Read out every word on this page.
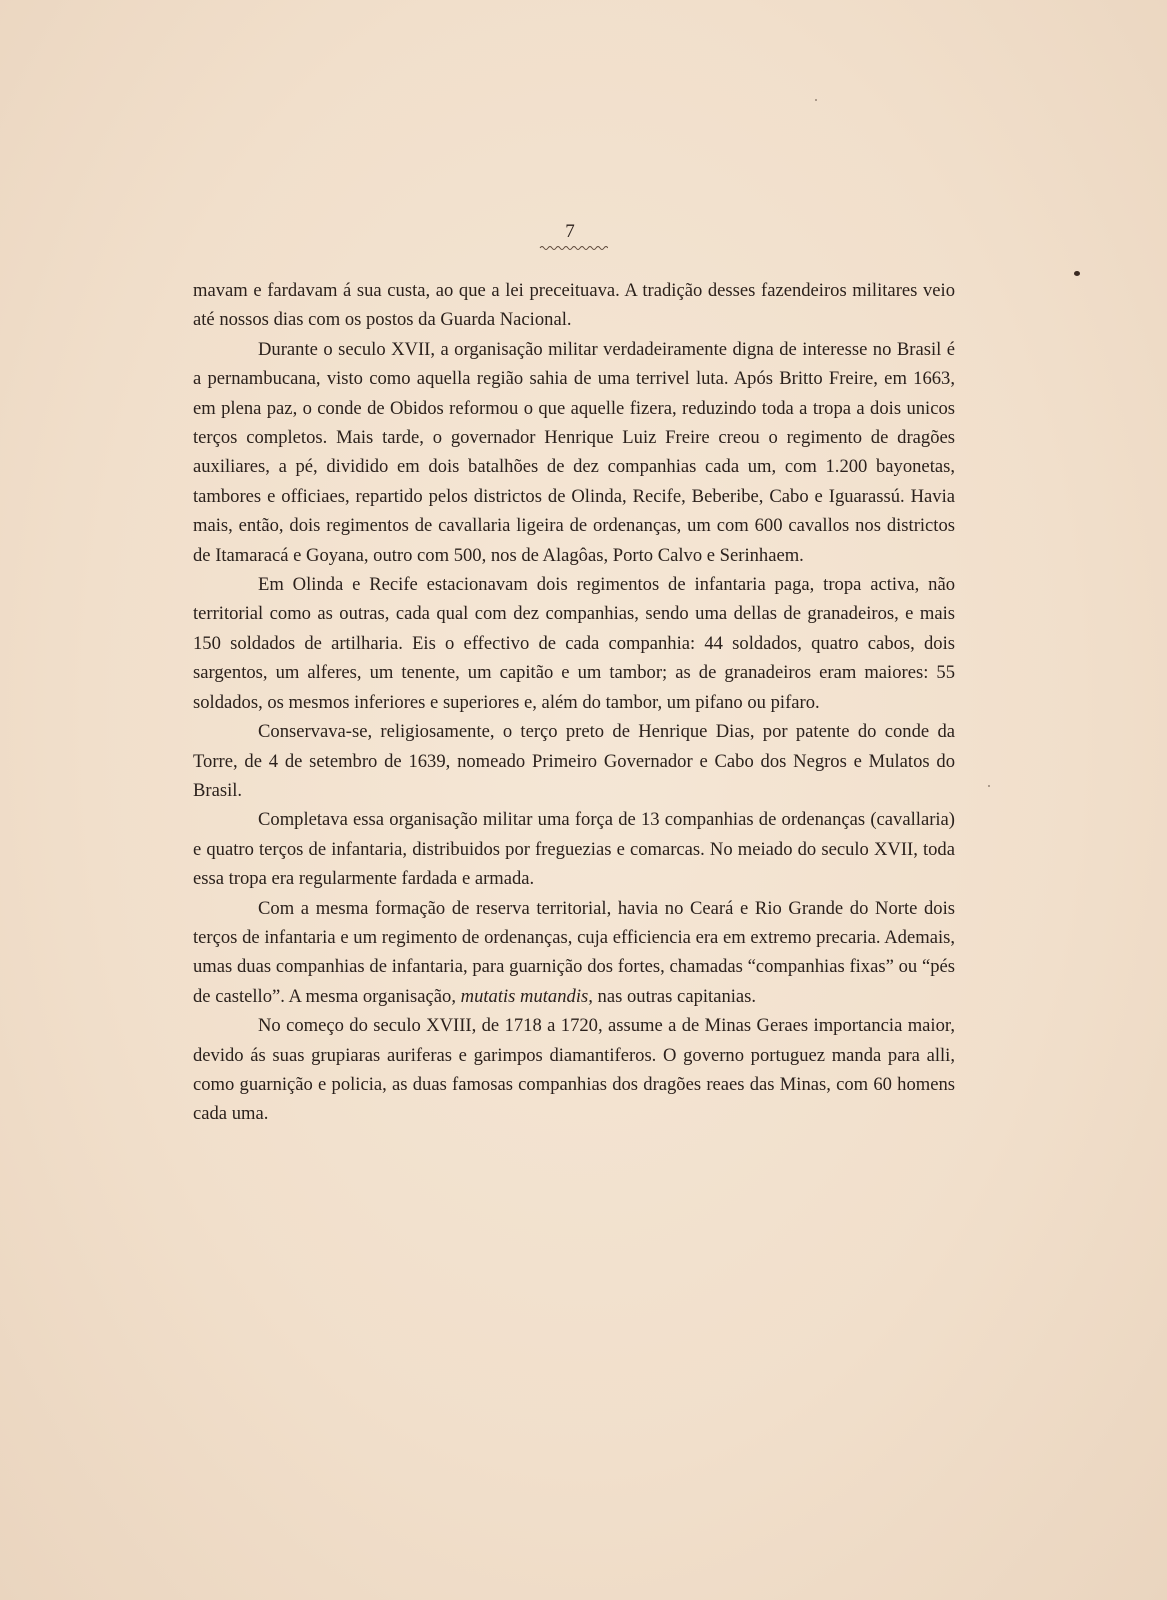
7

mavam e fardavam á sua custa, ao que a lei preceituava. A tradição desses fazendeiros militares veio até nossos dias com os postos da Guarda Nacional.

Durante o seculo XVII, a organisação militar verdadeiramente digna de interesse no Brasil é a pernambucana, visto como aquella região sahia de uma terrivel luta. Após Britto Freire, em 1663, em plena paz, o conde de Obidos reformou o que aquelle fizera, reduzindo toda a tropa a dois unicos terços completos. Mais tarde, o governador Henrique Luiz Freire creou o regimento de dragões auxiliares, a pé, dividido em dois batalhões de dez companhias cada um, com 1.200 bayonetas, tambores e officiaes, repartido pelos districtos de Olinda, Recife, Beberibe, Cabo e Iguarassú. Havia mais, então, dois regimentos de cavallaria ligeira de ordenanças, um com 600 cavallos nos districtos de Itamaracá e Goyana, outro com 500, nos de Alagôas, Porto Calvo e Serinhaem.

Em Olinda e Recife estacionavam dois regimentos de infantaria paga, tropa activa, não territorial como as outras, cada qual com dez companhias, sendo uma dellas de granadeiros, e mais 150 soldados de artilharia. Eis o effectivo de cada companhia: 44 soldados, quatro cabos, dois sargentos, um alferes, um tenente, um capitão e um tambor; as de granadeiros eram maiores: 55 soldados, os mesmos inferiores e superiores e, além do tambor, um pifano ou pifaro.

Conservava-se, religiosamente, o terço preto de Henrique Dias, por patente do conde da Torre, de 4 de setembro de 1639, nomeado Primeiro Governador e Cabo dos Negros e Mulatos do Brasil.

Completava essa organisação militar uma força de 13 companhias de ordenanças (cavallaria) e quatro terços de infantaria, distribuidos por freguezias e comarcas. No meiado do seculo XVII, toda essa tropa era regularmente fardada e armada.

Com a mesma formação de reserva territorial, havia no Ceará e Rio Grande do Norte dois terços de infantaria e um regimento de ordenanças, cuja efficiencia era em extremo precaria. Ademais, umas duas companhias de infantaria, para guarnição dos fortes, chamadas “companhias fixas” ou “pés de castello”. A mesma organisação, mutatis mutandis, nas outras capitanias.

No começo do seculo XVIII, de 1718 a 1720, assume a de Minas Geraes importancia maior, devido ás suas grupiaras auriferas e garimpos diamantiferos. O governo portuguez manda para alli, como guarnição e policia, as duas famosas companhias dos dragões reaes das Minas, com 60 homens cada uma.
